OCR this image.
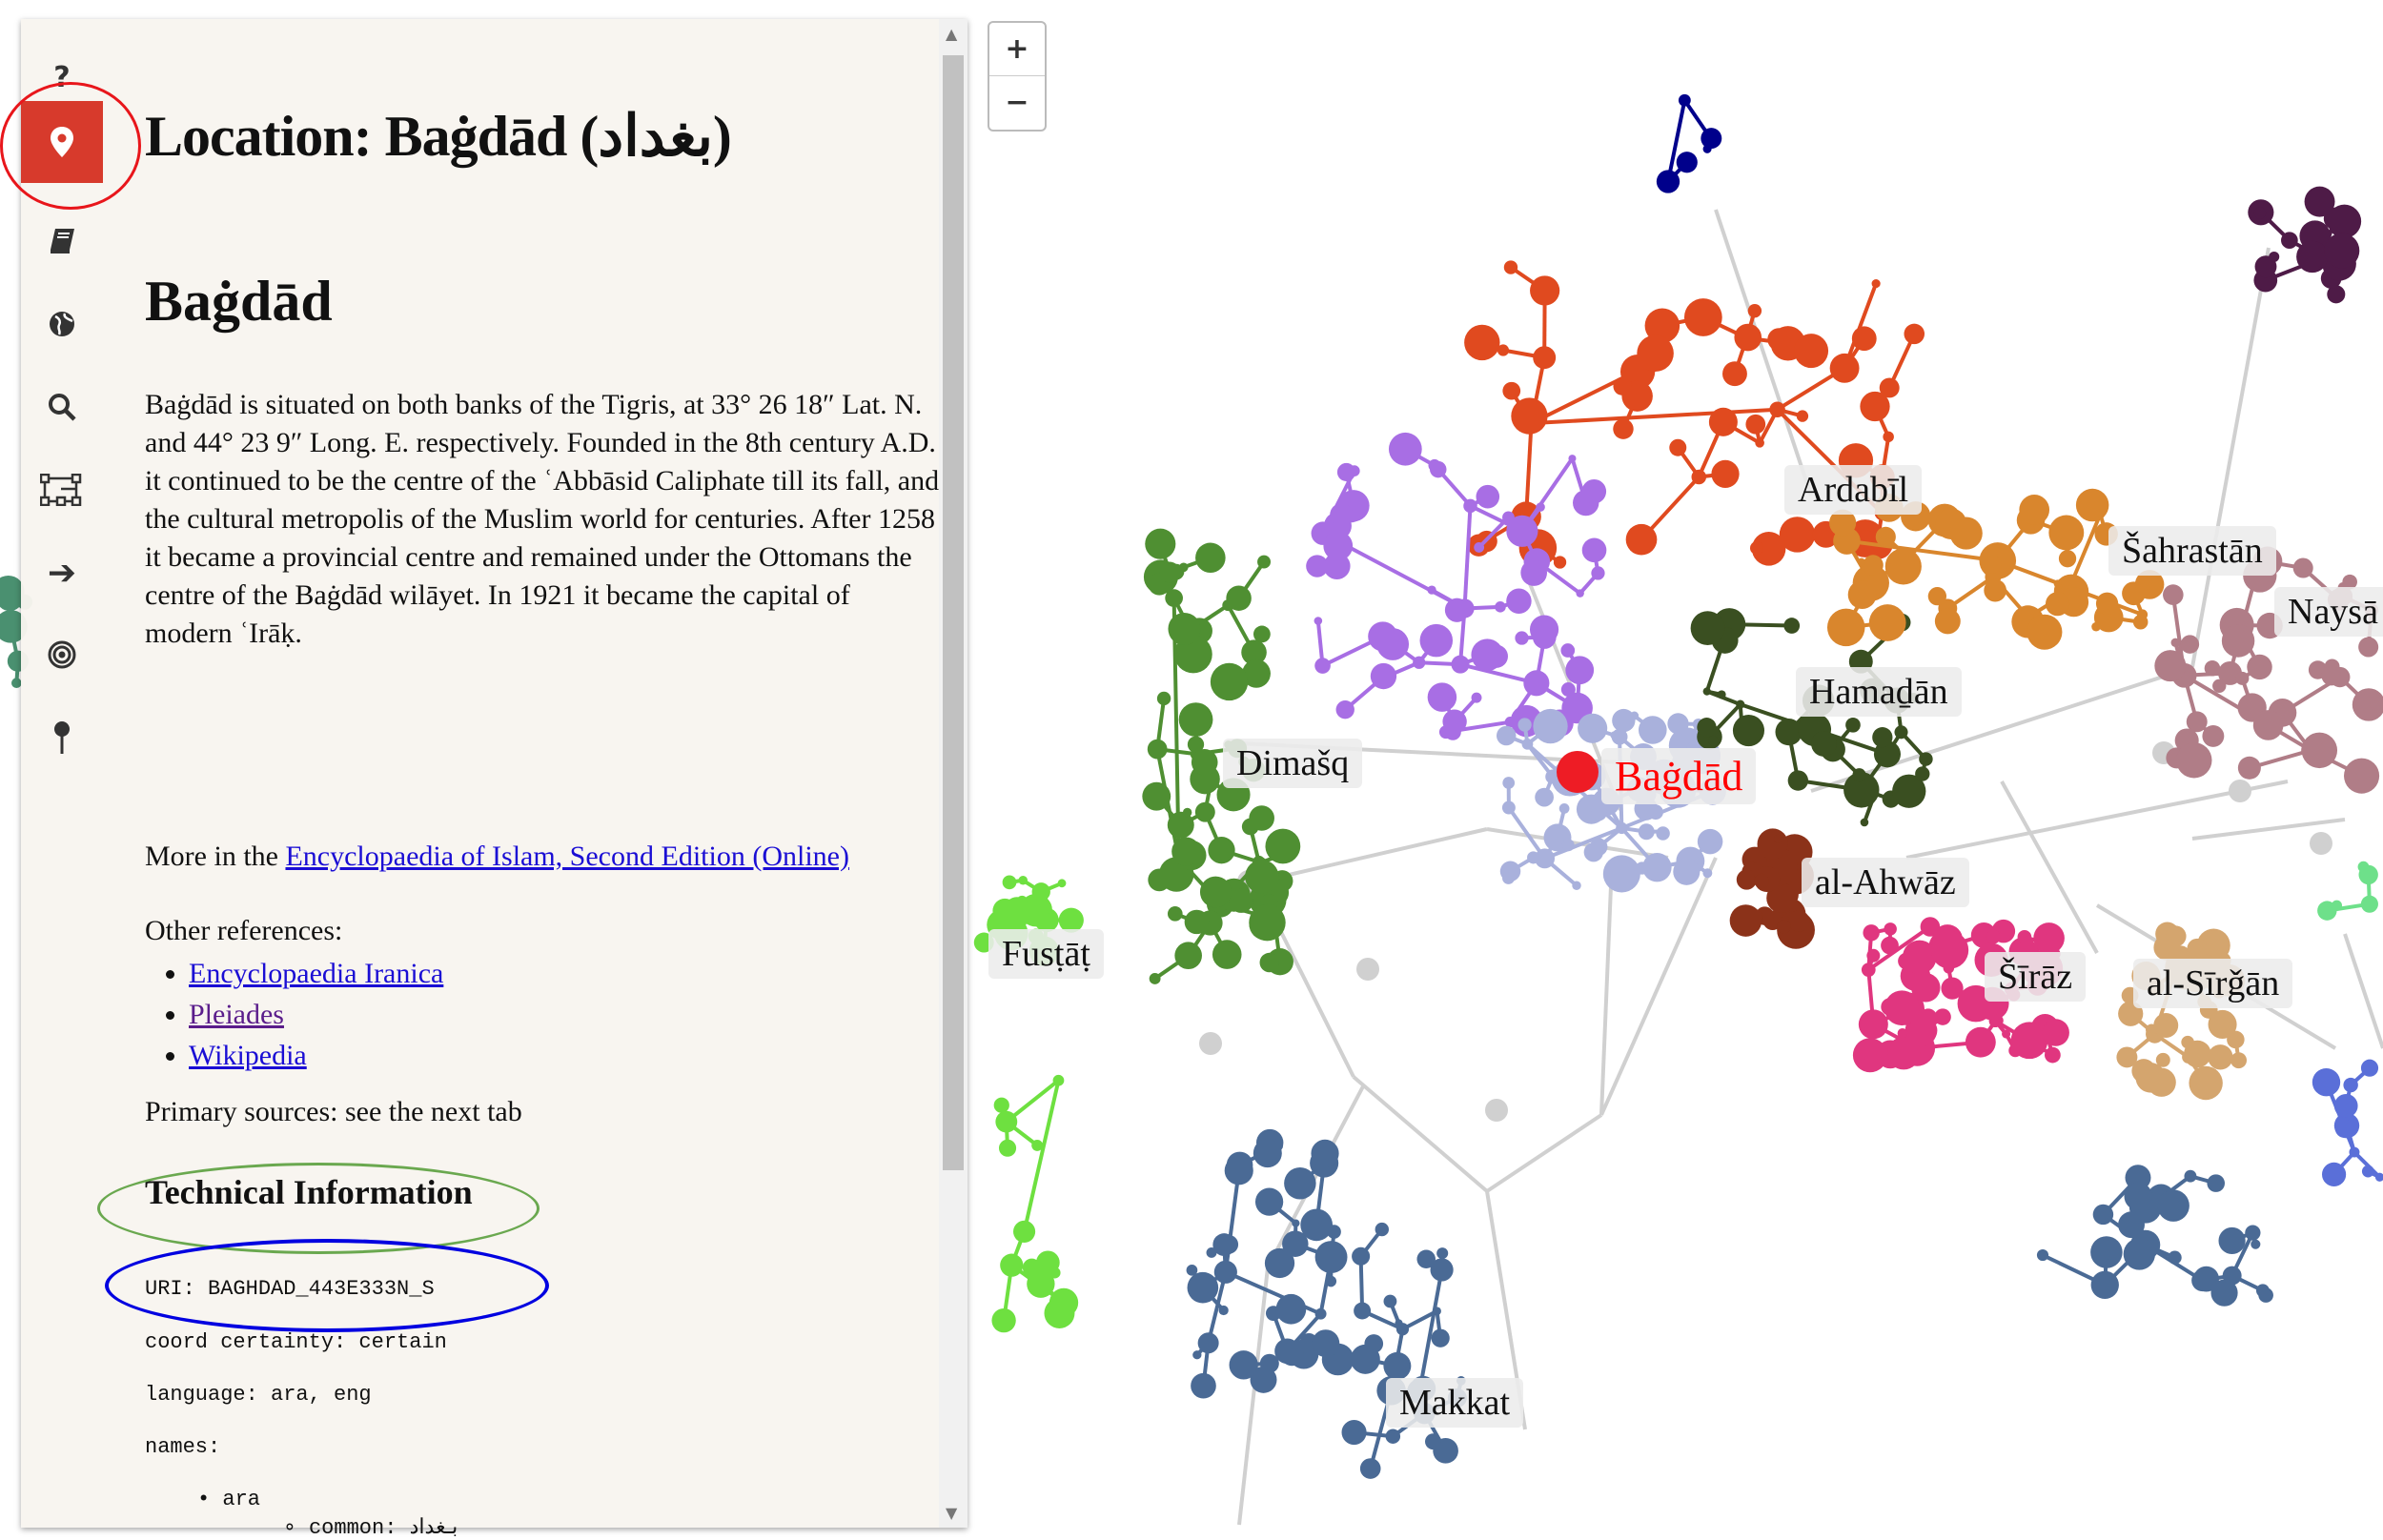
Ardabīl
Šahrastān
Naysā
Hamaḏān
Dimašq	Baġdād
al-Ahwāz
Fusṭāṭ
Šīrāz	al-Sīrǧān
Makkat
+
−
?
➔
Location: Baġdād (بغداد)
Baġdād

Baġdād is situated on both banks of the Tigris, at 33° 26 18″ Lat. N. and 44° 23 9″ Long. E. respectively. Founded in the 8th century A.D. it continued to be the centre of the ʿAbbāsid Caliphate till its fall, and the cultural metropolis of the Muslim world for centuries. After 1258 it became a provincial centre and remained under the Ottomans the centre of the Baġdād wilāyet. In 1921 it became the capital of modern ʿIrāḳ.

More in the Encyclopaedia of Islam, Second Edition (Online)
Other references:
• Encyclopaedia Iranica
• Pleiades
• Wikipedia
Primary sources: see the next tab
Technical Information
URI: BAGHDAD_443E333N_S
coord certainty: certain
language: ara, eng
names:
• ara
∘ common: بـغداد
▲
▼
